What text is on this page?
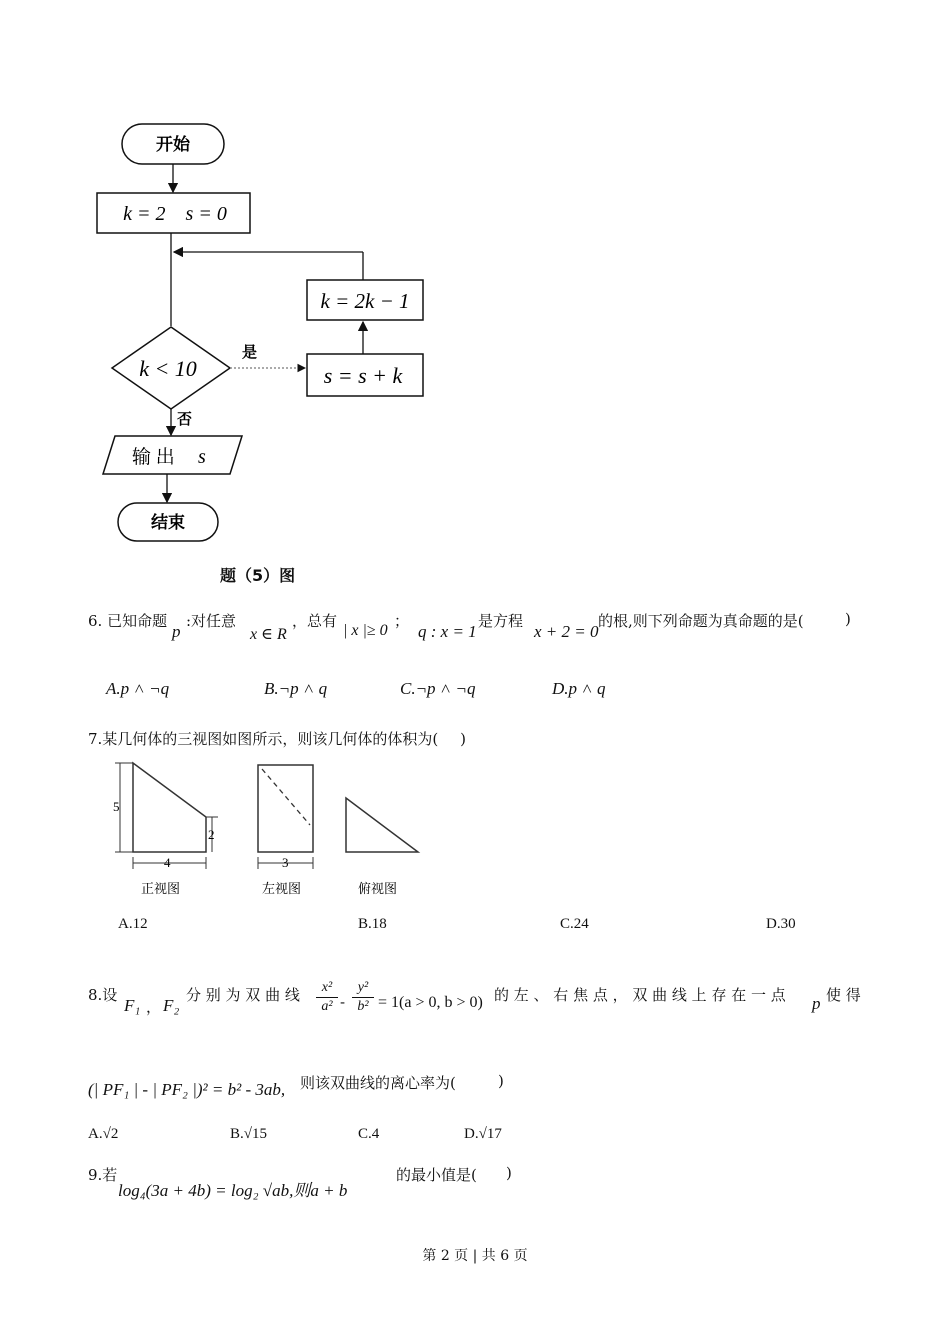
开始
k = 2    s = 0
k = 2k − 1
k < 10
是
s = s + k
否
输 出 s
结束
题（5）图
6. 已知命题
p
:对任意
x ∈ R
，总有
| x |≥ 0
；
q : x = 1
是方程
x + 2 = 0
的根,则下列命题为真命题的是(	)
A.p ˄ ¬q	B.¬p ˄ q	C.¬p ˄ ¬q	D.p ˄ q
7.某几何体的三视图如图所示，则该几何体的体积为( )
5
2
4
正视图
3
左视图	俯视图
A.12	B.18	C.24	D.30
8.设
F₁ ， F₂
分 别 为 双 曲 线	x²
a² -
y²
b² = 1(a > 0, b > 0) 的 左 、 右 焦 点 ， 双 曲 线 上 存 在 一 点 p 使 得
(| PF₁ | - | PF₂ |)² = b² - 3ab, 则该双曲线的离心率为(	)
A.√2	B.√15	C.4	D.√17
9.若
log₄(3a + 4b) = log₂ √ab,则a + b
的最小值是( )
第 2 页 | 共 6 页
